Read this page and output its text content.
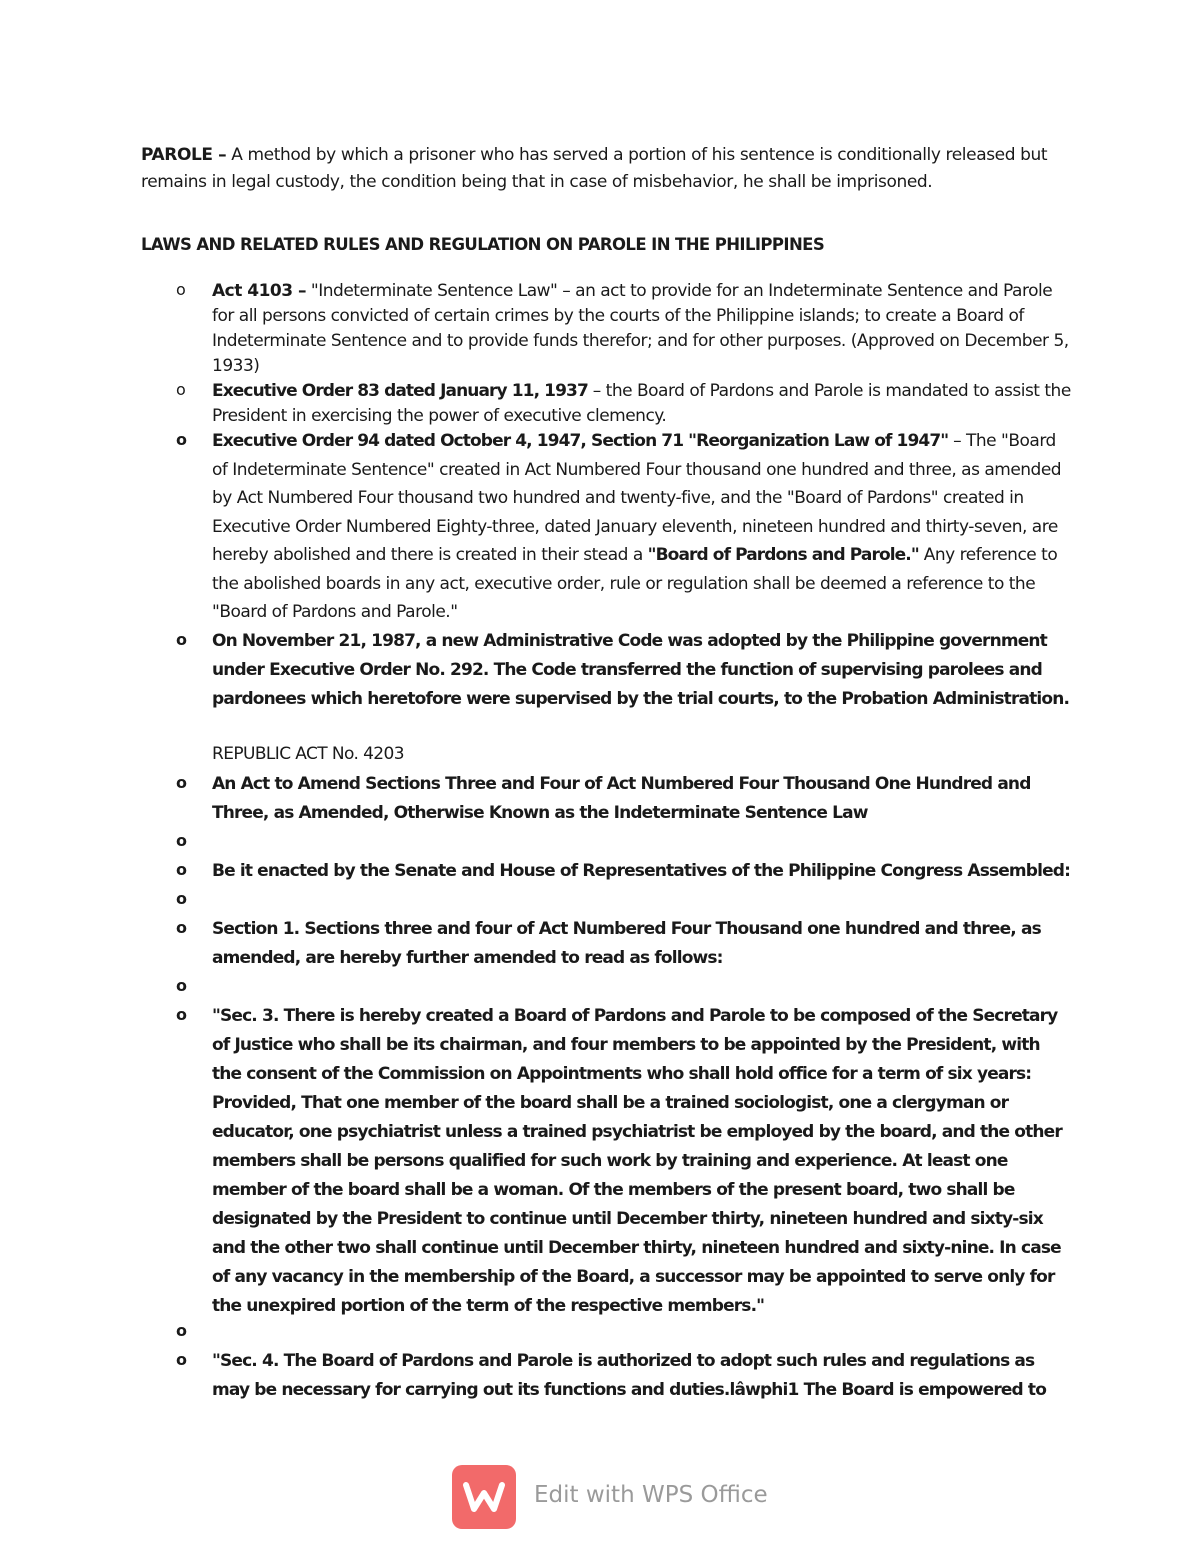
PAROLE – A method by which a prisoner who has served a portion of his sentence is conditionally released but remains in legal custody, the condition being that in case of misbehavior, he shall be imprisoned.
LAWS AND RELATED RULES AND REGULATION ON PAROLE IN THE PHILIPPINES
o	Act 4103 – "Indeterminate Sentence Law" – an act to provide for an Indeterminate Sentence and Parole for all persons convicted of certain crimes by the courts of the Philippine islands; to create a Board of Indeterminate Sentence and to provide funds therefor; and for other purposes. (Approved on December 5, 1933)
o	Executive Order 83 dated January 11, 1937 – the Board of Pardons and Parole is mandated to assist the President in exercising the power of executive clemency.
o	Executive Order 94 dated October 4, 1947, Section 71 "Reorganization Law of 1947" – The "Board of Indeterminate Sentence" created in Act Numbered Four thousand one hundred and three, as amended by Act Numbered Four thousand two hundred and twenty-five, and the "Board of Pardons" created in Executive Order Numbered Eighty-three, dated January eleventh, nineteen hundred and thirty-seven, are hereby abolished and there is created in their stead a "Board of Pardons and Parole." Any reference to the abolished boards in any act, executive order, rule or regulation shall be deemed a reference to the "Board of Pardons and Parole."
o	On November 21, 1987, a new Administrative Code was adopted by the Philippine government under Executive Order No. 292. The Code transferred the function of supervising parolees and pardonees which heretofore were supervised by the trial courts, to the Probation Administration.
REPUBLIC ACT No. 4203
o	An Act to Amend Sections Three and Four of Act Numbered Four Thousand One Hundred and Three, as Amended, Otherwise Known as the Indeterminate Sentence Law
o
o	Be it enacted by the Senate and House of Representatives of the Philippine Congress Assembled:
o
o	Section 1. Sections three and four of Act Numbered Four Thousand one hundred and three, as amended, are hereby further amended to read as follows:
o
o	"Sec. 3. There is hereby created a Board of Pardons and Parole to be composed of the Secretary of Justice who shall be its chairman, and four members to be appointed by the President, with the consent of the Commission on Appointments who shall hold office for a term of six years: Provided, That one member of the board shall be a trained sociologist, one a clergyman or educator, one psychiatrist unless a trained psychiatrist be employed by the board, and the other members shall be persons qualified for such work by training and experience. At least one member of the board shall be a woman. Of the members of the present board, two shall be designated by the President to continue until December thirty, nineteen hundred and sixty-six and the other two shall continue until December thirty, nineteen hundred and sixty-nine. In case of any vacancy in the membership of the Board, a successor may be appointed to serve only for the unexpired portion of the term of the respective members."
o
o	"Sec. 4. The Board of Pardons and Parole is authorized to adopt such rules and regulations as may be necessary for carrying out its functions and duties.lâwphi1 The Board is empowered to
Edit with WPS Office
